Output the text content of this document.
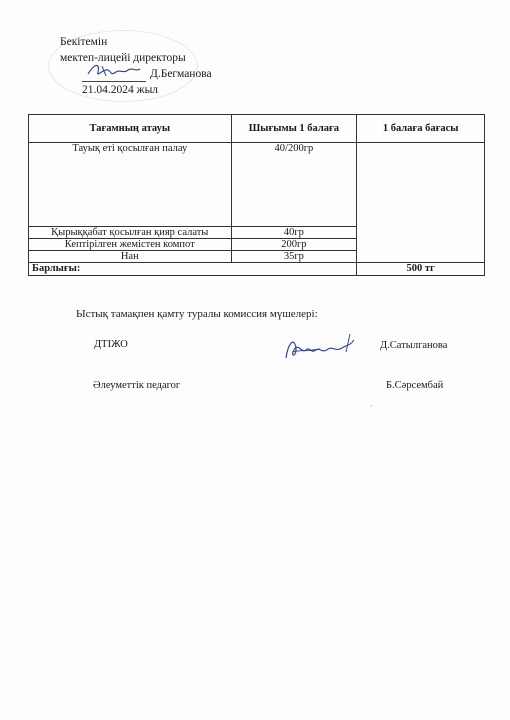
Бекітемін
мектеп-лицейі директоры
Д.Бегманова
21.04.2024 жыл
Тағамның атауы	Шығымы 1 балаға	1 балаға бағасы
Тауық еті қосылған палау	40/200гр	
Қырыққабат қосылған қияр салаты	40гр	
Кептірілген жемістен компот	200гр	
Нан	35гр	
Барлығы:		500 тг
Ыстық тамақпен қамту туралы комиссия мүшелері:
ДТІЖО	Д.Сатылганова
Әлеуметтік педагог	Б.Сәрсембай
`
